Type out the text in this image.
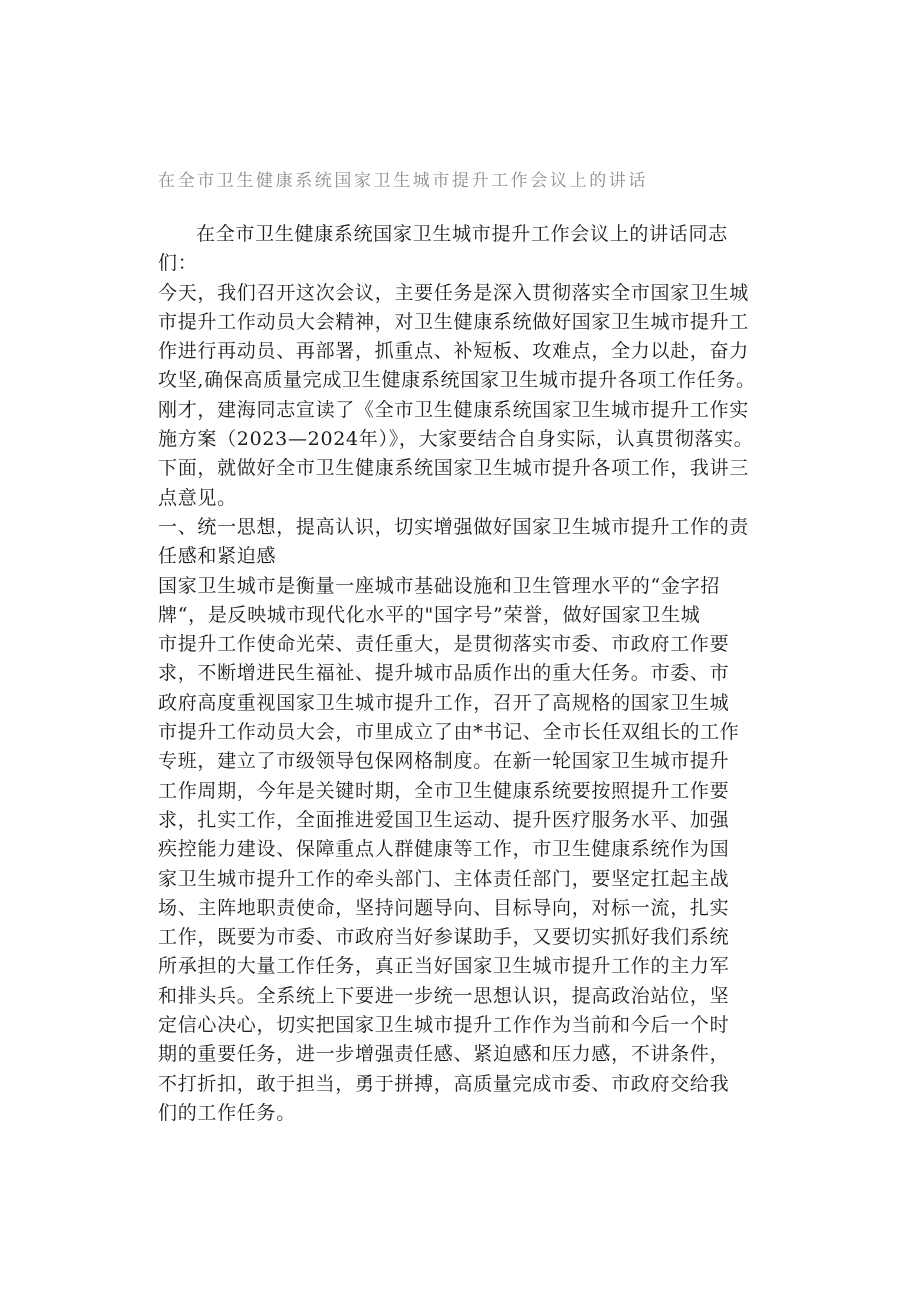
在全市卫生健康系统国家卫生城市提升工作会议上的讲话
在全市卫生健康系统国家卫生城市提升工作会议上的讲话同志
们：
今天，我们召开这次会议，主要任务是深入贯彻落实全市国家卫生城
市提升工作动员大会精神，对卫生健康系统做好国家卫生城市提升工
作进行再动员、再部署，抓重点、补短板、攻难点，全力以赴，奋力
攻坚,确保高质量完成卫生健康系统国家卫生城市提升各项工作任务。
刚才，建海同志宣读了《全市卫生健康系统国家卫生城市提升工作实
施方案（2023—2024年）》，大家要结合自身实际，认真贯彻落实。
下面，就做好全市卫生健康系统国家卫生城市提升各项工作，我讲三
点意见。
一、统一思想，提高认识，切实增强做好国家卫生城市提升工作的责
任感和紧迫感
国家卫生城市是衡量一座城市基础设施和卫生管理水平的“金字招
牌“，是反映城市现代化水平的"国字号”荣誉，做好国家卫生城
市提升工作使命光荣、责任重大，是贯彻落实市委、市政府工作要
求，不断增进民生福祉、提升城市品质作出的重大任务。市委、市
政府高度重视国家卫生城市提升工作，召开了高规格的国家卫生城
市提升工作动员大会，市里成立了由*书记、全市长任双组长的工作
专班，建立了市级领导包保网格制度。在新一轮国家卫生城市提升
工作周期，今年是关键时期，全市卫生健康系统要按照提升工作要
求，扎实工作，全面推进爱国卫生运动、提升医疗服务水平、加强
疾控能力建设、保障重点人群健康等工作，市卫生健康系统作为国
家卫生城市提升工作的牵头部门、主体责任部门，要坚定扛起主战
场、主阵地职责使命，坚持问题导向、目标导向，对标一流，扎实
工作，既要为市委、市政府当好参谋助手，又要切实抓好我们系统
所承担的大量工作任务，真正当好国家卫生城市提升工作的主力军
和排头兵。全系统上下要进一步统一思想认识，提高政治站位，坚
定信心决心，切实把国家卫生城市提升工作作为当前和今后一个时
期的重要任务，进一步增强责任感、紧迫感和压力感，不讲条件，
不打折扣，敢于担当，勇于拼搏，高质量完成市委、市政府交给我
们的工作任务。
